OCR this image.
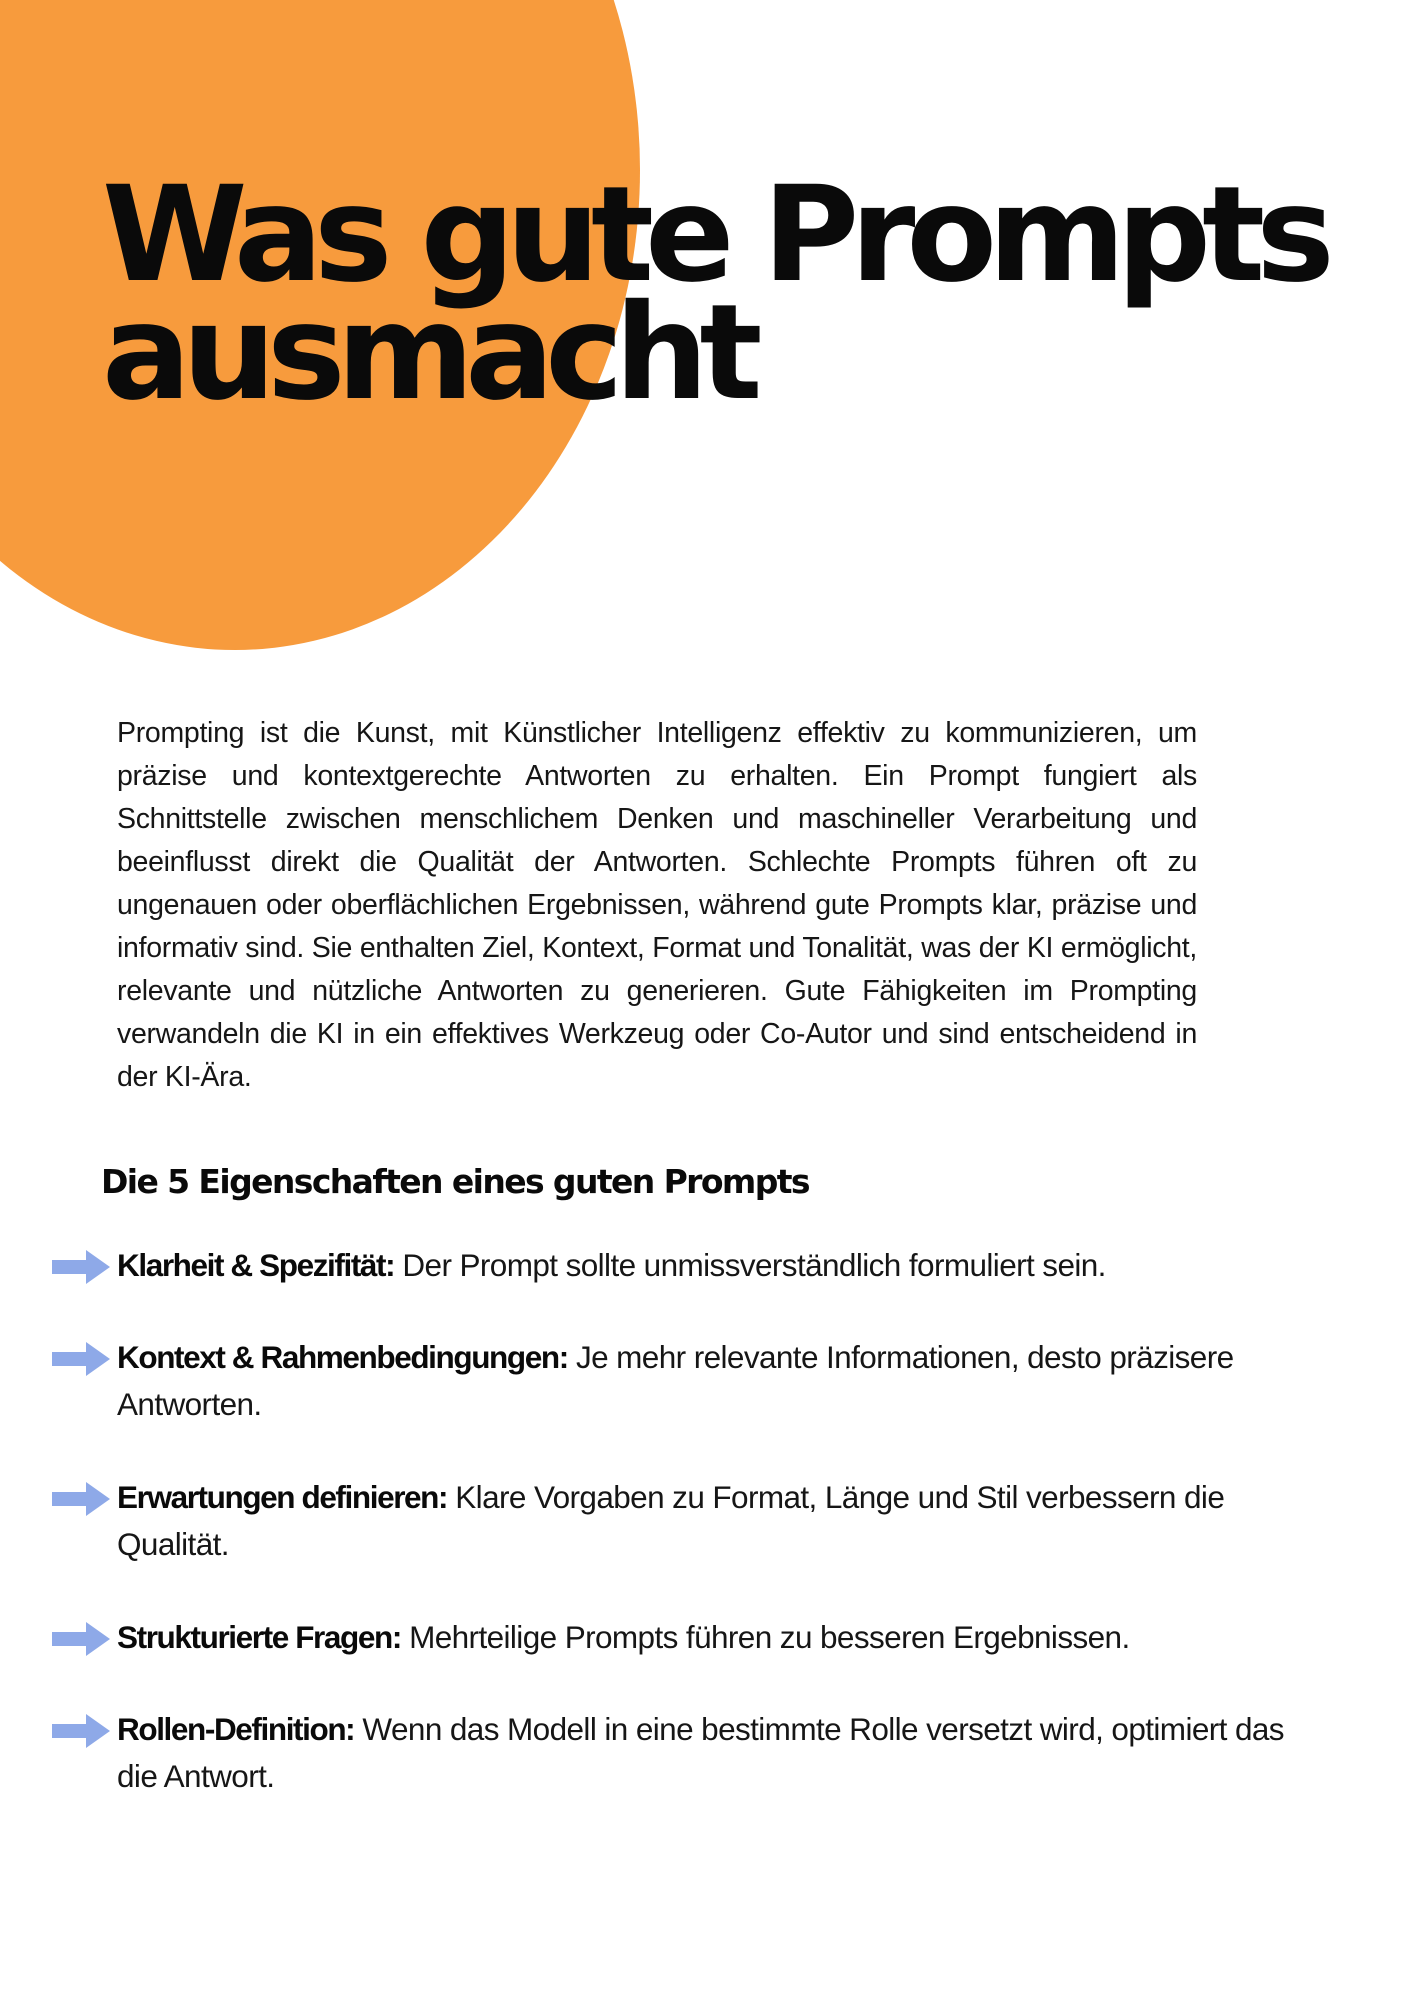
Was gute Prompts
ausmacht

Prompting ist die Kunst, mit Künstlicher Intelligenz effektiv zu kommunizieren, um präzise und kontextgerechte Antworten zu erhalten. Ein Prompt fungiert als Schnittstelle zwischen menschlichem Denken und maschineller Verarbeitung und beeinflusst direkt die Qualität der Antworten. Schlechte Prompts führen oft zu ungenauen oder oberflächlichen Ergebnissen, während gute Prompts klar, präzise und informativ sind. Sie enthalten Ziel, Kontext, Format und Tonalität, was der KI ermöglicht, relevante und nützliche Antworten zu generieren. Gute Fähigkeiten im Prompting verwandeln die KI in ein effektives Werkzeug oder Co-Autor und sind entscheidend in der KI-Ära.

Die 5 Eigenschaften eines guten Prompts

Klarheit & Spezifität: Der Prompt sollte unmissverständlich formuliert sein.

Kontext & Rahmenbedingungen: Je mehr relevante Informationen, desto präzisere Antworten.

Erwartungen definieren: Klare Vorgaben zu Format, Länge und Stil verbessern die Qualität.

Strukturierte Fragen: Mehrteilige Prompts führen zu besseren Ergebnissen.

Rollen-Definition: Wenn das Modell in eine bestimmte Rolle versetzt wird, optimiert das die Antwort.
